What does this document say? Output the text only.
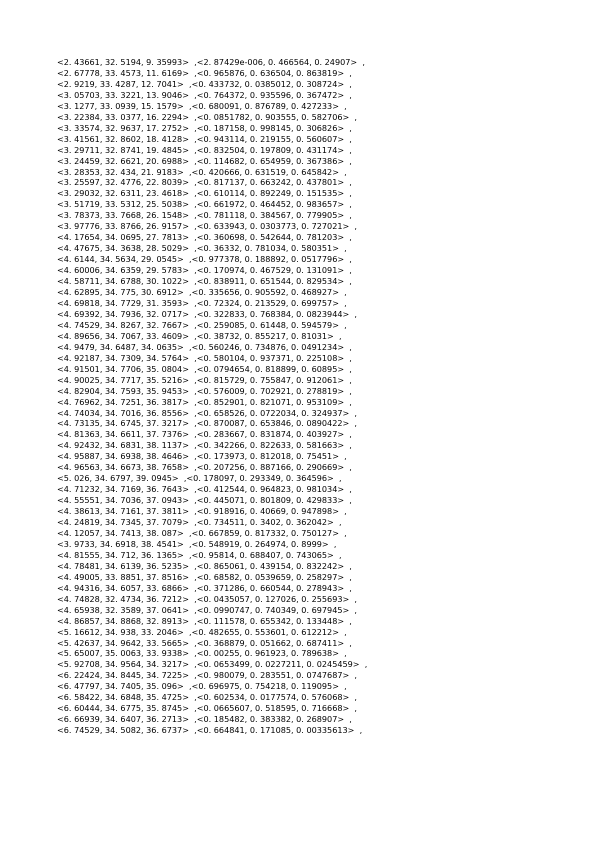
<2. 43661, 32. 5194, 9. 35993>  ,<2. 87429e-006, 0. 466564, 0. 24907>  ,
<2. 67778, 33. 4573, 11. 6169>  ,<0. 965876, 0. 636504, 0. 863819>  ,
<2. 9219, 33. 4287, 12. 7041>  ,<0. 433732, 0. 0385012, 0. 308724>  ,
<3. 05703, 33. 3221, 13. 9046>  ,<0. 764372, 0. 935596, 0. 367472>  ,
<3. 1277, 33. 0939, 15. 1579>  ,<0. 680091, 0. 876789, 0. 427233>  ,
<3. 22384, 33. 0377, 16. 2294>  ,<0. 0851782, 0. 903555, 0. 582706>  ,
<3. 33574, 32. 9637, 17. 2752>  ,<0. 187158, 0. 998145, 0. 306826>  ,
<3. 41561, 32. 8602, 18. 4128>  ,<0. 943114, 0. 219155, 0. 560607>  ,
<3. 29711, 32. 8741, 19. 4845>  ,<0. 832504, 0. 197809, 0. 431174>  ,
<3. 24459, 32. 6621, 20. 6988>  ,<0. 114682, 0. 654959, 0. 367386>  ,
<3. 28353, 32. 434, 21. 9183>  ,<0. 420666, 0. 631519, 0. 645842>  ,
<3. 25597, 32. 4776, 22. 8039>  ,<0. 817137, 0. 663242, 0. 437801>  ,
<3. 29032, 32. 6311, 23. 4618>  ,<0. 610114, 0. 892249, 0. 151535>  ,
<3. 51719, 33. 5312, 25. 5038>  ,<0. 661972, 0. 464452, 0. 983657>  ,
<3. 78373, 33. 7668, 26. 1548>  ,<0. 781118, 0. 384567, 0. 779905>  ,
<3. 97776, 33. 8766, 26. 9157>  ,<0. 633943, 0. 0303773, 0. 727021>  ,
<4. 17654, 34. 0695, 27. 7813>  ,<0. 360698, 0. 542644, 0. 781203>  ,
<4. 47675, 34. 3638, 28. 5029>  ,<0. 36332, 0. 781034, 0. 580351>  ,
<4. 6144, 34. 5634, 29. 0545>  ,<0. 977378, 0. 188892, 0. 0517796>  ,
<4. 60006, 34. 6359, 29. 5783>  ,<0. 170974, 0. 467529, 0. 131091>  ,
<4. 58711, 34. 6788, 30. 1022>  ,<0. 838911, 0. 651544, 0. 829534>  ,
<4. 62895, 34. 775, 30. 6912>  ,<0. 335656, 0. 905592, 0. 468927>  ,
<4. 69818, 34. 7729, 31. 3593>  ,<0. 72324, 0. 213529, 0. 699757>  ,
<4. 69392, 34. 7936, 32. 0717>  ,<0. 322833, 0. 768384, 0. 0823944>  ,
<4. 74529, 34. 8267, 32. 7667>  ,<0. 259085, 0. 61448, 0. 594579>  ,
<4. 89656, 34. 7067, 33. 4609>  ,<0. 38732, 0. 855217, 0. 81031>  ,
<4. 9479, 34. 6487, 34. 0635>  ,<0. 560246, 0. 734876, 0. 0491234>  ,
<4. 92187, 34. 7309, 34. 5764>  ,<0. 580104, 0. 937371, 0. 225108>  ,
<4. 91501, 34. 7706, 35. 0804>  ,<0. 0794654, 0. 818899, 0. 60895>  ,
<4. 90025, 34. 7717, 35. 5216>  ,<0. 815729, 0. 755847, 0. 912061>  ,
<4. 82904, 34. 7593, 35. 9453>  ,<0. 576009, 0. 702921, 0. 278819>  ,
<4. 76962, 34. 7251, 36. 3817>  ,<0. 852901, 0. 821071, 0. 953109>  ,
<4. 74034, 34. 7016, 36. 8556>  ,<0. 658526, 0. 0722034, 0. 324937>  ,
<4. 73135, 34. 6745, 37. 3217>  ,<0. 870087, 0. 653846, 0. 0890422>  ,
<4. 81363, 34. 6611, 37. 7376>  ,<0. 283667, 0. 831874, 0. 403927>  ,
<4. 92432, 34. 6831, 38. 1137>  ,<0. 342266, 0. 822633, 0. 581663>  ,
<4. 95887, 34. 6938, 38. 4646>  ,<0. 173973, 0. 812018, 0. 75451>  ,
<4. 96563, 34. 6673, 38. 7658>  ,<0. 207256, 0. 887166, 0. 290669>  ,
<5. 026, 34. 6797, 39. 0945>  ,<0. 178097, 0. 293349, 0. 364596>  ,
<4. 71232, 34. 7169, 36. 7643>  ,<0. 412544, 0. 964823, 0. 981034>  ,
<4. 55551, 34. 7036, 37. 0943>  ,<0. 445071, 0. 801809, 0. 429833>  ,
<4. 38613, 34. 7161, 37. 3811>  ,<0. 918916, 0. 40669, 0. 947898>  ,
<4. 24819, 34. 7345, 37. 7079>  ,<0. 734511, 0. 3402, 0. 362042>  ,
<4. 12057, 34. 7413, 38. 087>  ,<0. 667859, 0. 817332, 0. 750127>  ,
<3. 9733, 34. 6918, 38. 4541>  ,<0. 548919, 0. 264974, 0. 8999>  ,
<4. 81555, 34. 712, 36. 1365>  ,<0. 95814, 0. 688407, 0. 743065>  ,
<4. 78481, 34. 6139, 36. 5235>  ,<0. 865061, 0. 439154, 0. 832242>  ,
<4. 49005, 33. 8851, 37. 8516>  ,<0. 68582, 0. 0539659, 0. 258297>  ,
<4. 94316, 34. 6057, 33. 6866>  ,<0. 371286, 0. 660544, 0. 278943>  ,
<4. 74828, 32. 4734, 36. 7212>  ,<0. 0435057, 0. 127026, 0. 255693>  ,
<4. 65938, 32. 3589, 37. 0641>  ,<0. 0990747, 0. 740349, 0. 697945>  ,
<4. 86857, 34. 8868, 32. 8913>  ,<0. 111578, 0. 655342, 0. 133448>  ,
<5. 16612, 34. 938, 33. 2046>  ,<0. 482655, 0. 553601, 0. 612212>  ,
<5. 42637, 34. 9642, 33. 5665>  ,<0. 368879, 0. 051662, 0. 687411>  ,
<5. 65007, 35. 0063, 33. 9338>  ,<0. 00255, 0. 961923, 0. 789638>  ,
<5. 92708, 34. 9564, 34. 3217>  ,<0. 0653499, 0. 0227211, 0. 0245459>  ,
<6. 22424, 34. 8445, 34. 7225>  ,<0. 980079, 0. 283551, 0. 0747687>  ,
<6. 47797, 34. 7405, 35. 096>  ,<0. 696975, 0. 754218, 0. 119095>  ,
<6. 58422, 34. 6848, 35. 4725>  ,<0. 602534, 0. 0177574, 0. 576068>  ,
<6. 60444, 34. 6775, 35. 8745>  ,<0. 0665607, 0. 518595, 0. 716668>  ,
<6. 66939, 34. 6407, 36. 2713>  ,<0. 185482, 0. 383382, 0. 268907>  ,
<6. 74529, 34. 5082, 36. 6737>  ,<0. 664841, 0. 171085, 0. 00335613>  ,
